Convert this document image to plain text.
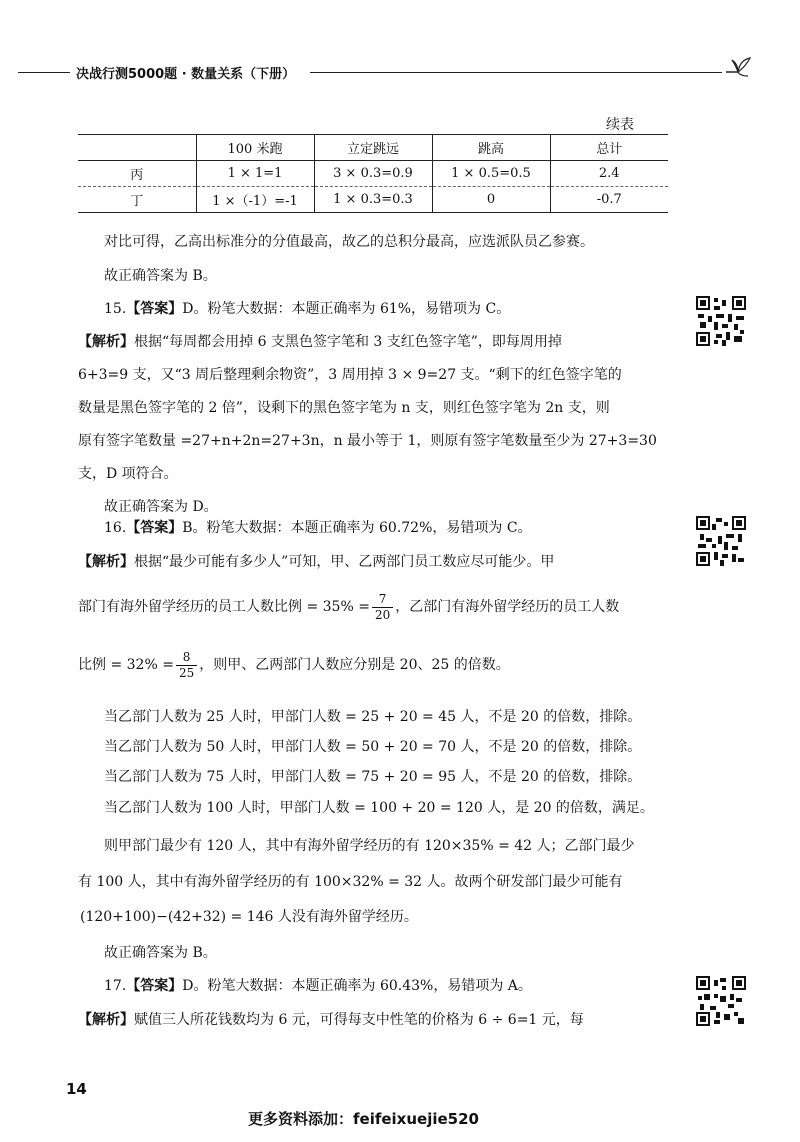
决战行测5000题 · 数量关系（下册）
续表
	100 米跑	立定跳远	跳高	总计
丙	1 × 1=1	3 × 0.3=0.9	1 × 0.5=0.5	2.4
丁	1 ×（-1）=-1	1 × 0.3=0.3	0	-0.7
对比可得，乙高出标准分的分值最高，故乙的总积分最高，应选派队员乙参赛。
故正确答案为 B。
15.【答案】D。粉笔大数据：本题正确率为 61%，易错项为 C。
【解析】根据“每周都会用掉 6 支黑色签字笔和 3 支红色签字笔”，即每周用掉
6+3=9 支，又“3 周后整理剩余物资”，3 周用掉 3 × 9=27 支。“剩下的红色签字笔的
数量是黑色签字笔的 2 倍”，设剩下的黑色签字笔为 n 支，则红色签字笔为 2n 支，则
原有签字笔数量 =27+n+2n=27+3n，n 最小等于 1，则原有签字笔数量至少为 27+3=30
支，D 项符合。
故正确答案为 D。
16.【答案】B。粉笔大数据：本题正确率为 60.72%，易错项为 C。
【解析】根据“最少可能有多少人”可知，甲、乙两部门员工数应尽可能少。甲
部门有海外留学经历的员工人数比例 = $35\% = \frac{7}{20}$ ，乙部门有海外留学经历的员工人数
比例 = $32\% = \frac{8}{25}$ ，则甲、乙两部门人数应分别是 20、25 的倍数。
当乙部门人数为 25 人时，甲部门人数 = 25 + 20 = 45 人，不是 20 的倍数，排除。
当乙部门人数为 50 人时，甲部门人数 = 50 + 20 = 70 人，不是 20 的倍数，排除。
当乙部门人数为 75 人时，甲部门人数 = 75 + 20 = 95 人，不是 20 的倍数，排除。
当乙部门人数为 100 人时，甲部门人数 = 100 + 20 = 120 人，是 20 的倍数，满足。
则甲部门最少有 120 人，其中有海外留学经历的有 120×35% = 42 人；乙部门最少
有 100 人，其中有海外留学经历的有 100×32% = 32 人。故两个研发部门最少可能有
(120+100)−(42+32) = 146 人没有海外留学经历。
故正确答案为 B。
17.【答案】D。粉笔大数据：本题正确率为 60.43%，易错项为 A。
【解析】赋值三人所花钱数均为 6 元，可得每支中性笔的价格为 6 ÷ 6=1 元，每
14
更多资料添加：feifeixuejie520
